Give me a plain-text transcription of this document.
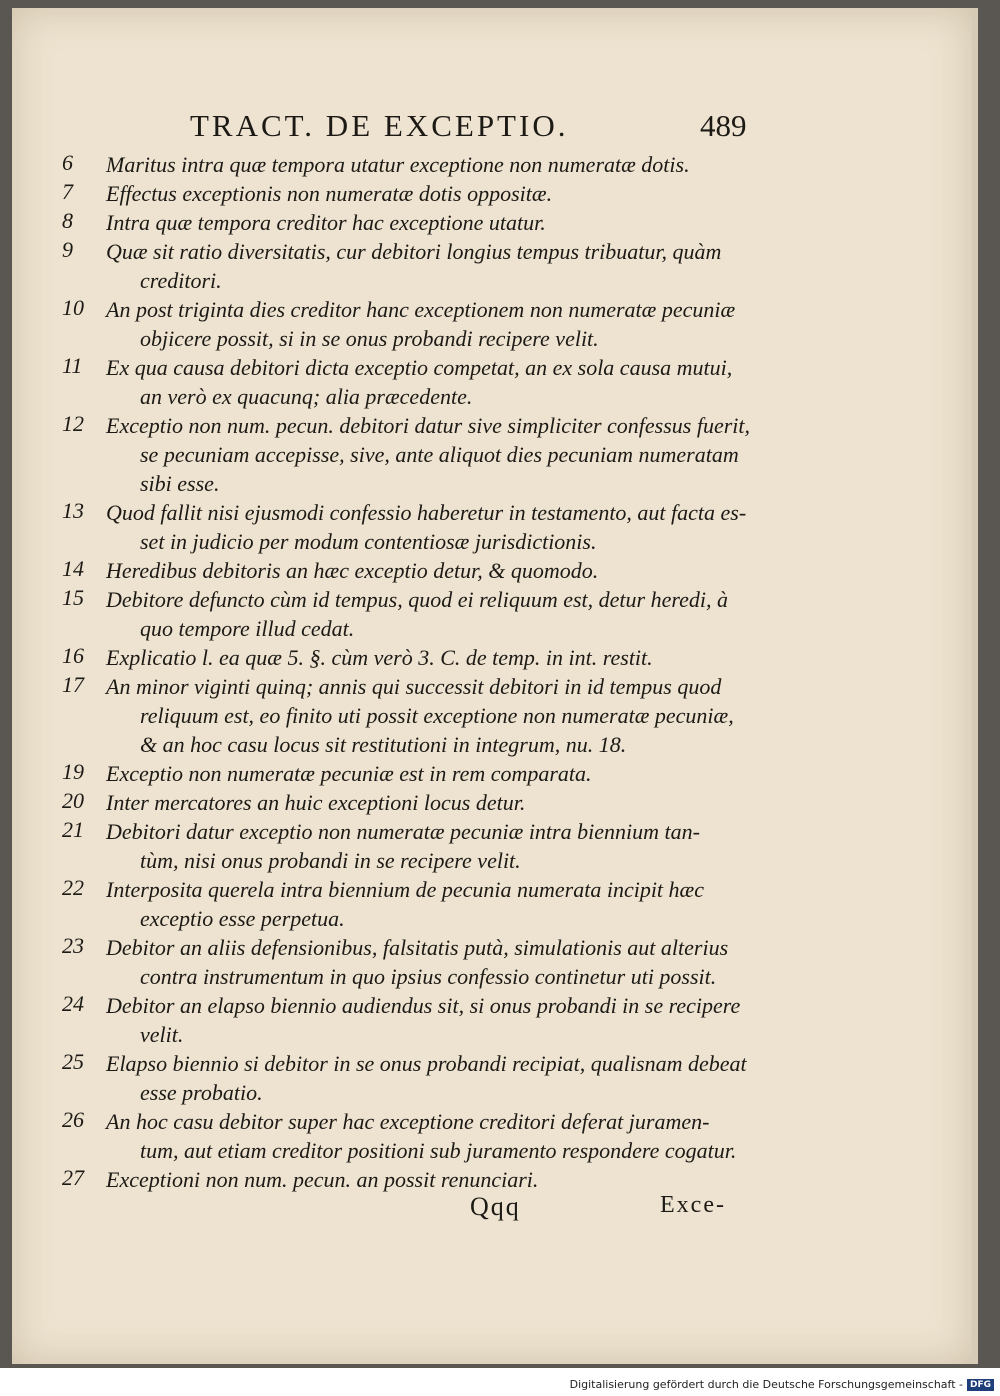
TRACT. DE EXCEPTIO.	489
6	Maritus intra quæ tempora utatur exceptione non numeratæ dotis.
7	Effectus exceptionis non numeratæ dotis oppositæ.
8	Intra quæ tempora creditor hac exceptione utatur.
9	Quæ sit ratio diversitatis, cur debitori longius tempus tribuatur, quàm
creditori.
10	An post triginta dies creditor hanc exceptionem non numeratæ pecuniæ
objicere possit, si in se onus probandi recipere velit.
11	Ex qua causa debitori dicta exceptio competat, an ex sola causa mutui,
an verò ex quacunq; alia præcedente.
12	Exceptio non num. pecun. debitori datur sive simpliciter confessus fuerit,
se pecuniam accepisse, sive, ante aliquot dies pecuniam numeratam
sibi esse.
13	Quod fallit nisi ejusmodi confessio haberetur in testamento, aut facta es-
set in judicio per modum contentiosæ jurisdictionis.
14	Heredibus debitoris an hæc exceptio detur, & quomodo.
15	Debitore defuncto cùm id tempus, quod ei reliquum est, detur heredi, à
quo tempore illud cedat.
16	Explicatio l. ea quæ 5. §. cùm verò 3. C. de temp. in int. restit.
17	An minor viginti quinq; annis qui successit debitori in id tempus quod
reliquum est, eo finito uti possit exceptione non numeratæ pecuniæ,
& an hoc casu locus sit restitutioni in integrum, nu. 18.
19	Exceptio non numeratæ pecuniæ est in rem comparata.
20	Inter mercatores an huic exceptioni locus detur.
21	Debitori datur exceptio non numeratæ pecuniæ intra biennium tan-
tùm, nisi onus probandi in se recipere velit.
22	Interposita querela intra biennium de pecunia numerata incipit hæc
exceptio esse perpetua.
23	Debitor an aliis defensionibus, falsitatis putà, simulationis aut alterius
contra instrumentum in quo ipsius confessio continetur uti possit.
24	Debitor an elapso biennio audiendus sit, si onus probandi in se recipere
velit.
25	Elapso biennio si debitor in se onus probandi recipiat, qualisnam debeat
esse probatio.
26	An hoc casu debitor super hac exceptione creditori deferat juramen-
tum, aut etiam creditor positioni sub juramento respondere cogatur.
27	Exceptioni non num. pecun. an possit renunciari.
Qqq	Exce-
Digitalisierung gefördert durch die Deutsche Forschungsgemeinschaft - DFG
